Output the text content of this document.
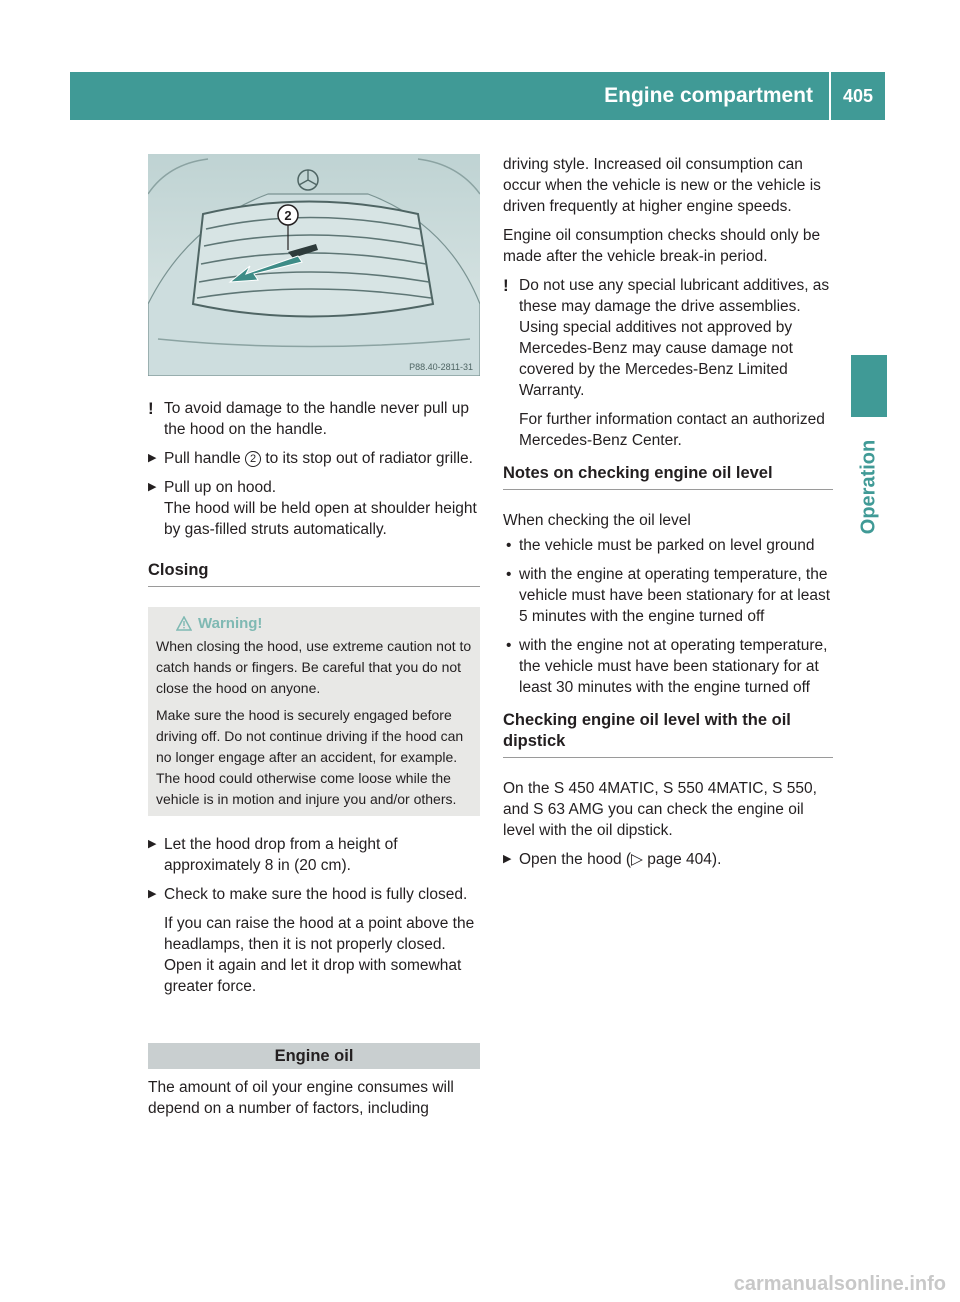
Engine compartment	405
Operation
2
P88.40-2811-31
! To avoid damage to the handle never pull up the hood on the handle.
▶ Pull handle 2 to its stop out of radiator grille.
▶ Pull up on hood.
The hood will be held open at shoulder height by gas-filled struts automatically.
Closing
Warning!

When closing the hood, use extreme caution not to catch hands or fingers. Be careful that you do not close the hood on anyone.

Make sure the hood is securely engaged before driving off. Do not continue driving if the hood can no longer engage after an accident, for example. The hood could otherwise come loose while the vehicle is in motion and injure you and/or others.

▶ Let the hood drop from a height of approximately 8 in (20 cm).
▶ Check to make sure the hood is fully closed.
If you can raise the hood at a point above the headlamps, then it is not properly closed. Open it again and let it drop with somewhat greater force.
Engine oil

The amount of oil your engine consumes will depend on a number of factors, including

driving style. Increased oil consumption can occur when the vehicle is new or the vehicle is driven frequently at higher engine speeds.

Engine oil consumption checks should only be made after the vehicle break-in period.

! Do not use any special lubricant additives, as these may damage the drive assemblies. Using special additives not approved by Mercedes-Benz may cause damage not covered by the Mercedes-Benz Limited Warranty.
For further information contact an authorized Mercedes-Benz Center.
Notes on checking engine oil level

When checking the oil level

• the vehicle must be parked on level ground
• with the engine at operating temperature, the vehicle must have been stationary for at least 5 minutes with the engine turned off
• with the engine not at operating temperature, the vehicle must have been stationary for at least 30 minutes with the engine turned off
Checking engine oil level with the oil dipstick

On the S 450 4MATIC, S 550 4MATIC, S 550, and S 63 AMG you can check the engine oil level with the oil dipstick.

▶ Open the hood (▷ page 404).
carmanualsonline.info
